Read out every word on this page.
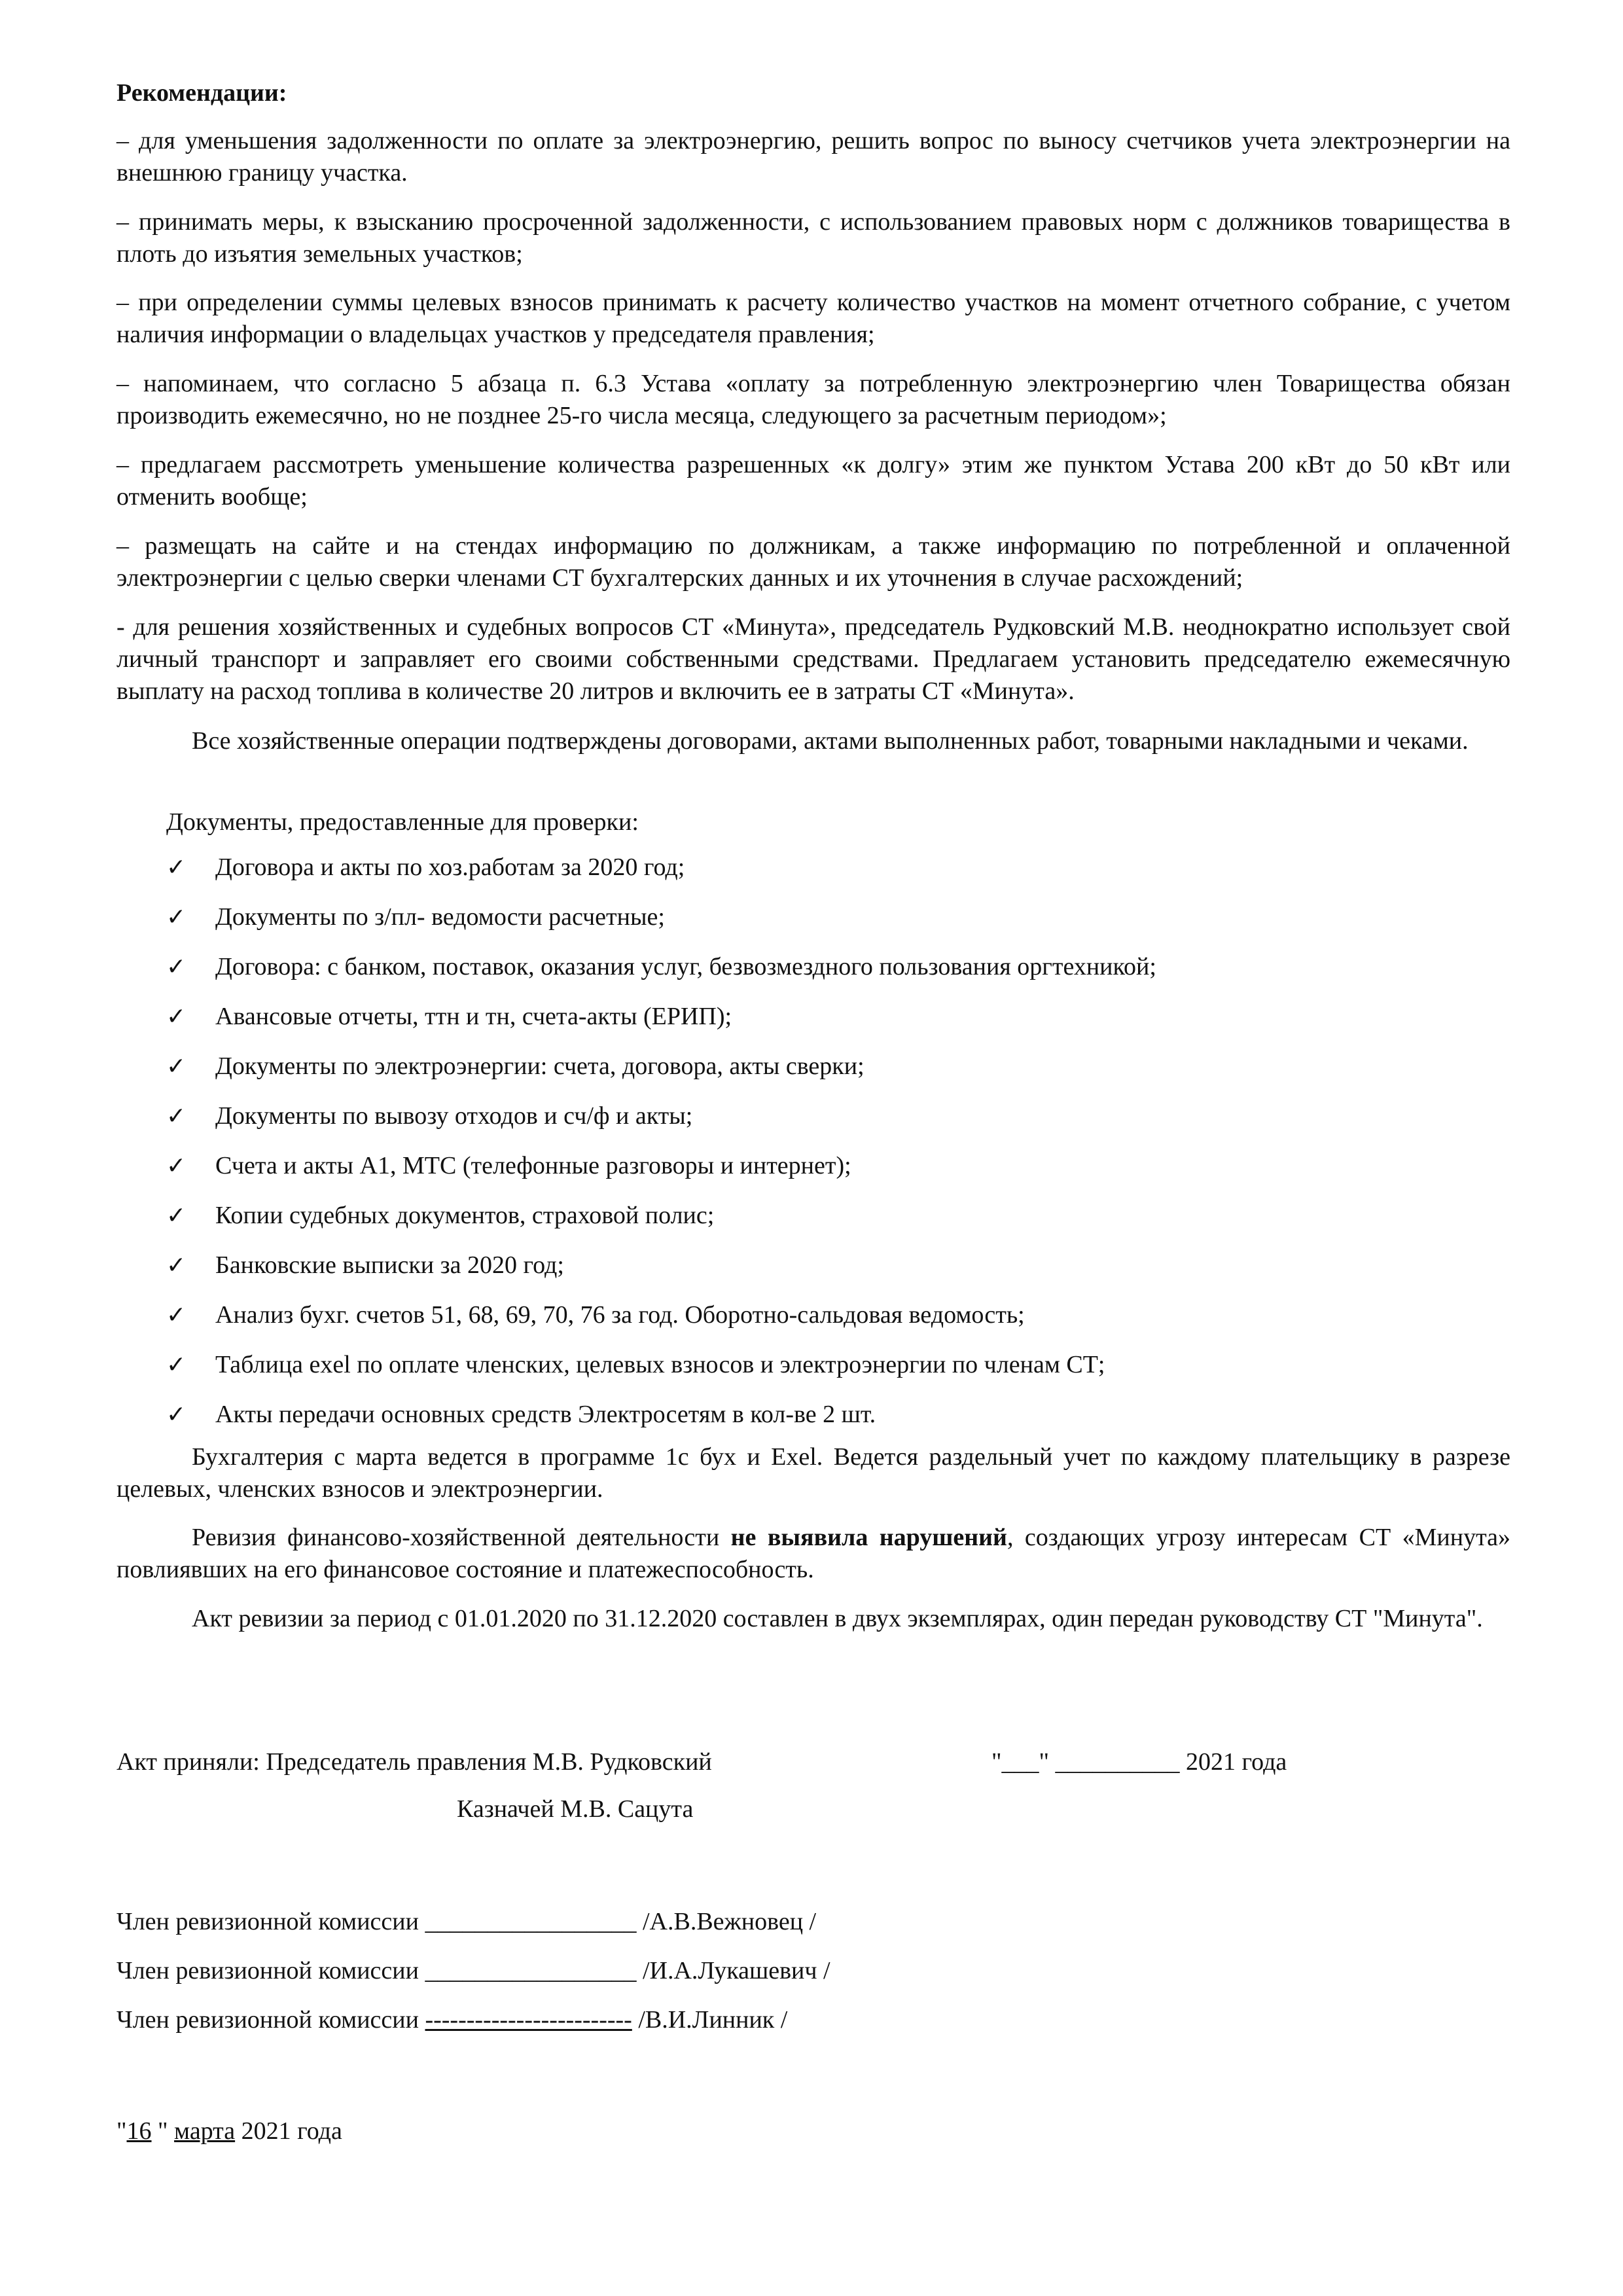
Рекомендации:
– для уменьшения задолженности по оплате за электроэнергию, решить вопрос по выносу счетчиков учета электроэнергии на внешнюю границу участка.
– принимать меры, к взысканию просроченной задолженности, с использованием правовых норм с должников товарищества в плоть до изъятия земельных участков;
– при определении суммы целевых взносов принимать к расчету количество участков на момент отчетного собрание, с учетом наличия информации о владельцах участков у председателя правления;
– напоминаем, что согласно 5 абзаца п. 6.3 Устава «оплату за потребленную электроэнергию член Товарищества обязан производить ежемесячно, но не позднее 25-го числа месяца, следующего за расчетным периодом»;
– предлагаем рассмотреть уменьшение количества разрешенных «к долгу» этим же пунктом Устава 200 кВт до 50 кВт или отменить вообще;
– размещать на сайте и на стендах информацию по должникам, а также информацию по потребленной и оплаченной электроэнергии с целью сверки членами СТ бухгалтерских данных и их уточнения в случае расхождений;
- для решения хозяйственных и судебных вопросов СТ «Минута», председатель Рудковский М.В. неоднократно использует свой личный транспорт и заправляет его своими собственными средствами. Предлагаем установить председателю ежемесячную выплату на расход топлива в количестве 20 литров и включить ее в затраты СТ «Минута».
Все хозяйственные операции подтверждены договорами, актами выполненных работ, товарными накладными и чеками.
Документы, предоставленные для проверки:
✓	Договора и акты по хоз.работам за 2020 год;
✓	Документы по з/пл- ведомости расчетные;
✓	Договора: с банком, поставок, оказания услуг, безвозмездного пользования оргтехникой;
✓	Авансовые отчеты, ттн и тн, счета-акты (ЕРИП);
✓	Документы по электроэнергии: счета, договора, акты сверки;
✓	Документы по вывозу отходов и сч/ф и акты;
✓	Счета и акты А1, МТС (телефонные разговоры и интернет);
✓	Копии судебных документов, страховой полис;
✓	Банковские выписки за 2020 год;
✓	Анализ бухг. счетов 51, 68, 69, 70, 76 за год. Оборотно-сальдовая ведомость;
✓	Таблица exel по оплате членских, целевых взносов и электроэнергии по членам СТ;
✓	Акты передачи основных средств Электросетям в кол-ве 2 шт.
Бухгалтерия с марта ведется в программе 1с бух и Exel. Ведется раздельный учет по каждому плательщику в разрезе целевых, членских взносов и электроэнергии.
Ревизия финансово-хозяйственной деятельности не выявила нарушений, создающих угрозу интересам СТ «Минута» повлиявших на его финансовое состояние и платежеспособность.
Акт ревизии за период с 01.01.2020 по 31.12.2020 составлен в двух экземплярах, один передан руководству СТ "Минута".
Акт приняли: Председатель правления М.В. Рудковский	"___" __________ 2021 года
Казначей М.В. Сацута
Член ревизионной комиссии _________________ /А.В.Вежновец /
Член ревизионной комиссии _________________ /И.А.Лукашевич /
Член ревизионной комиссии ------------------------- /В.И.Линник /
"16 " марта 2021 года
